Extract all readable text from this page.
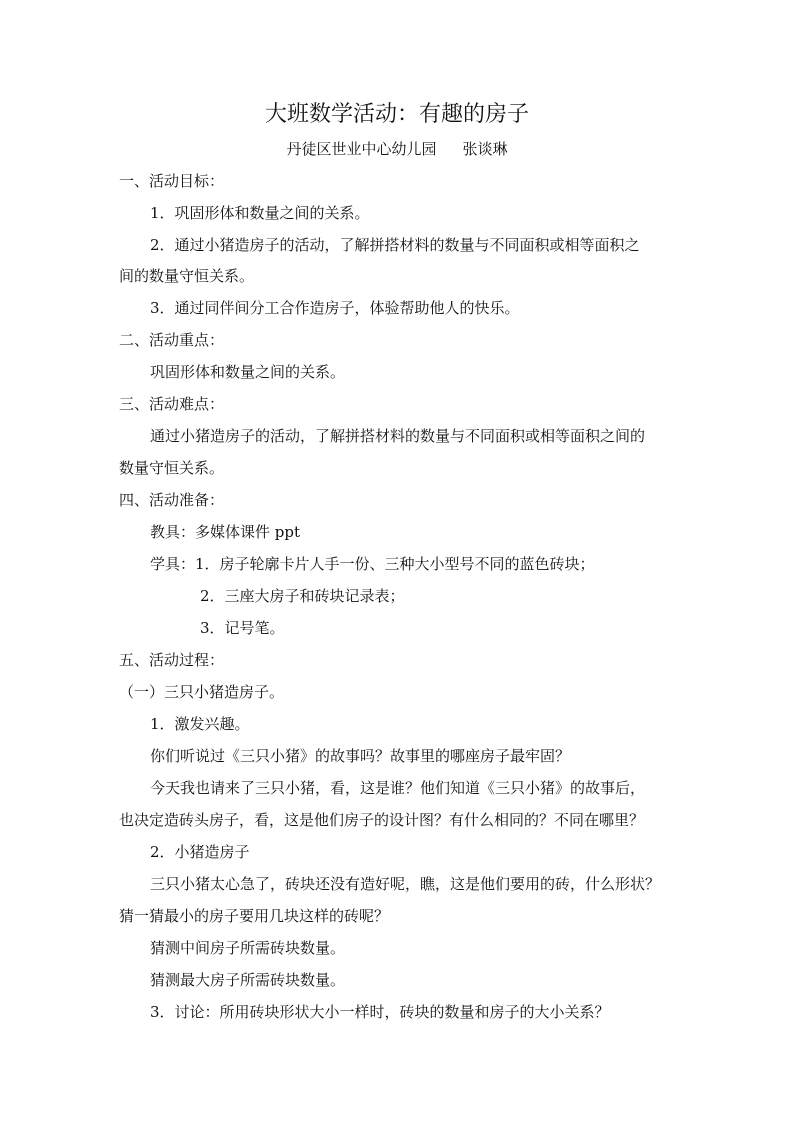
大班数学活动：有趣的房子
丹徒区世业中心幼儿园 张谈琳
一、活动目标：
1．巩固形体和数量之间的关系。
2．通过小猪造房子的活动，了解拼搭材料的数量与不同面积或相等面积之
间的数量守恒关系。
3．通过同伴间分工合作造房子，体验帮助他人的快乐。
二、活动重点：
巩固形体和数量之间的关系。
三、活动难点：
通过小猪造房子的活动，了解拼搭材料的数量与不同面积或相等面积之间的
数量守恒关系。
四、活动准备：
教具：多媒体课件 ppt
学具：1．房子轮廓卡片人手一份、三种大小型号不同的蓝色砖块；
2．三座大房子和砖块记录表；
3．记号笔。
五、活动过程：
（一）三只小猪造房子。
1．激发兴趣。
你们听说过《三只小猪》的故事吗？故事里的哪座房子最牢固？
今天我也请来了三只小猪，看，这是谁？他们知道《三只小猪》的故事后，
也决定造砖头房子，看，这是他们房子的设计图？有什么相同的？不同在哪里？
2．小猪造房子
三只小猪太心急了，砖块还没有造好呢，瞧，这是他们要用的砖，什么形状？
猜一猜最小的房子要用几块这样的砖呢？
猜测中间房子所需砖块数量。
猜测最大房子所需砖块数量。
3．讨论：所用砖块形状大小一样时，砖块的数量和房子的大小关系？
